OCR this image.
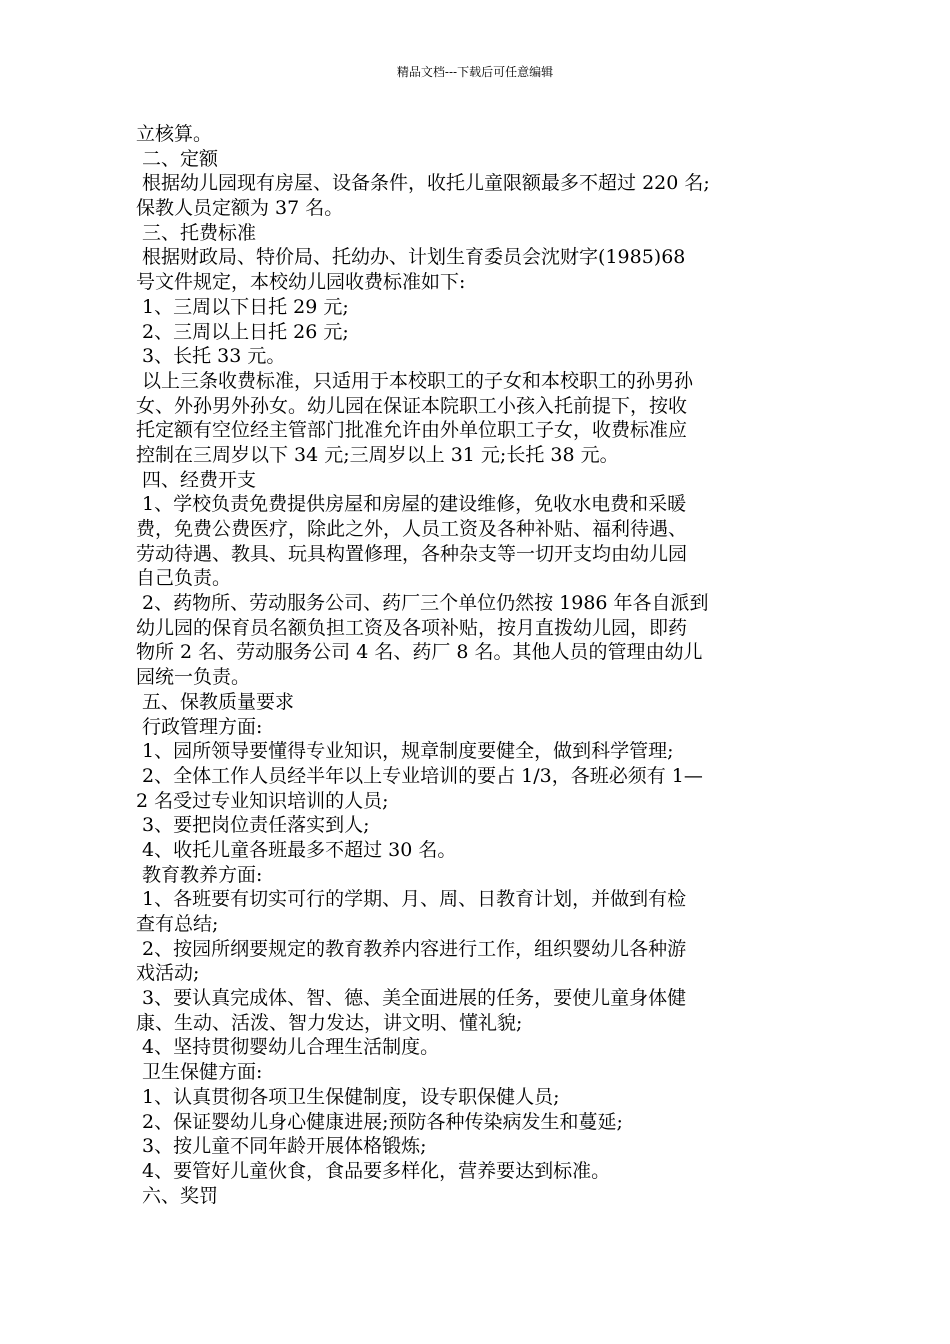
精品文档---下载后可任意编辑
立核算。
二、定额
根据幼儿园现有房屋、设备条件，收托儿童限额最多不超过 220 名;
保教人员定额为 37 名。
三、托费标准
根据财政局、特价局、托幼办、计划生育委员会沈财字(1985)68
号文件规定，本校幼儿园收费标准如下:
1、三周以下日托 29 元;
2、三周以上日托 26 元;
3、长托 33 元。
以上三条收费标准，只适用于本校职工的子女和本校职工的孙男孙
女、外孙男外孙女。幼儿园在保证本院职工小孩入托前提下，按收
托定额有空位经主管部门批准允许由外单位职工子女，收费标准应
控制在三周岁以下 34 元;三周岁以上 31 元;长托 38 元。
四、经费开支
1、学校负责免费提供房屋和房屋的建设维修，免收水电费和采暖
费，免费公费医疗，除此之外，人员工资及各种补贴、福利待遇、
劳动待遇、教具、玩具构置修理，各种杂支等一切开支均由幼儿园
自己负责。
2、药物所、劳动服务公司、药厂三个单位仍然按 1986 年各自派到
幼儿园的保育员名额负担工资及各项补贴，按月直拨幼儿园，即药
物所 2 名、劳动服务公司 4 名、药厂 8 名。其他人员的管理由幼儿
园统一负责。
五、保教质量要求
行政管理方面:
1、园所领导要懂得专业知识，规章制度要健全，做到科学管理;
2、全体工作人员经半年以上专业培训的要占 1/3，各班必须有 1—
2 名受过专业知识培训的人员;
3、要把岗位责任落实到人;
4、收托儿童各班最多不超过 30 名。
教育教养方面:
1、各班要有切实可行的学期、月、周、日教育计划，并做到有检
查有总结;
2、按园所纲要规定的教育教养内容进行工作，组织婴幼儿各种游
戏活动;
3、要认真完成体、智、德、美全面进展的任务，要使儿童身体健
康、生动、活泼、智力发达，讲文明、懂礼貌;
4、坚持贯彻婴幼儿合理生活制度。
卫生保健方面:
1、认真贯彻各项卫生保健制度，设专职保健人员;
2、保证婴幼儿身心健康进展;预防各种传染病发生和蔓延;
3、按儿童不同年龄开展体格锻炼;
4、要管好儿童伙食，食品要多样化，营养要达到标准。
六、奖罚
